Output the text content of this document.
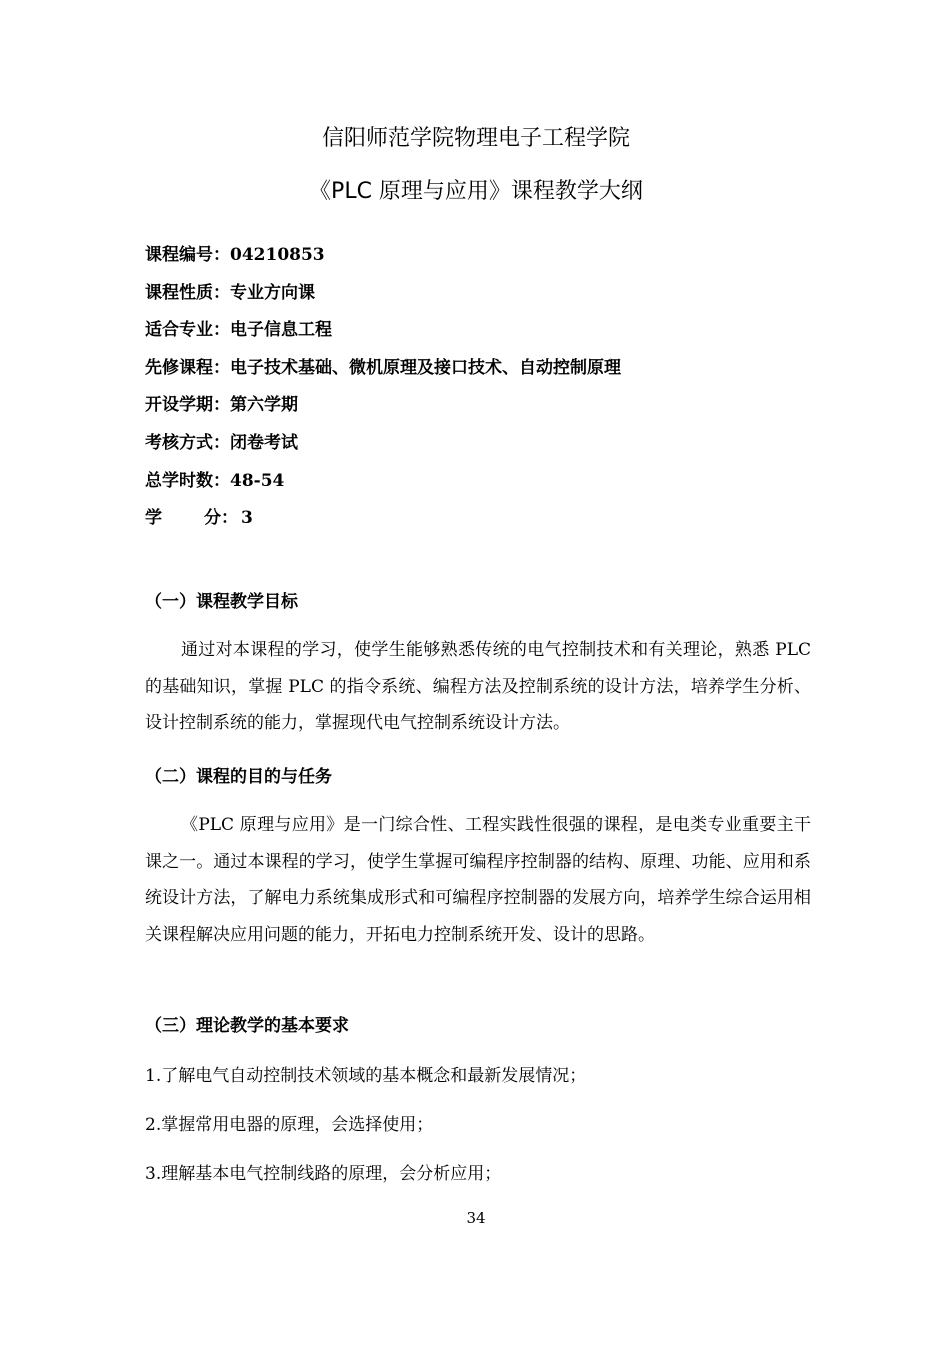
信阳师范学院物理电子工程学院
《PLC 原理与应用》课程教学大纲
课程编号：04210853
课程性质：专业方向课
适合专业：电子信息工程
先修课程：电子技术基础、微机原理及接口技术、自动控制原理
开设学期：第六学期
考核方式：闭卷考试
总学时数：48-54
学 分： 3
（一）课程教学目标

通过对本课程的学习，使学生能够熟悉传统的电气控制技术和有关理论，熟悉 PLC 的基础知识，掌握 PLC 的指令系统、编程方法及控制系统的设计方法，培养学生分析、设计控制系统的能力，掌握现代电气控制系统设计方法。

（二）课程的目的与任务

《PLC 原理与应用》是一门综合性、工程实践性很强的课程，是电类专业重要主干课之一。通过本课程的学习，使学生掌握可编程序控制器的结构、原理、功能、应用和系统设计方法，了解电力系统集成形式和可编程序控制器的发展方向，培养学生综合运用相关课程解决应用问题的能力，开拓电力控制系统开发、设计的思路。

（三）理论教学的基本要求
1.了解电气自动控制技术领域的基本概念和最新发展情况；
2.掌握常用电器的原理，会选择使用；
3.理解基本电气控制线路的原理，会分析应用；
34
